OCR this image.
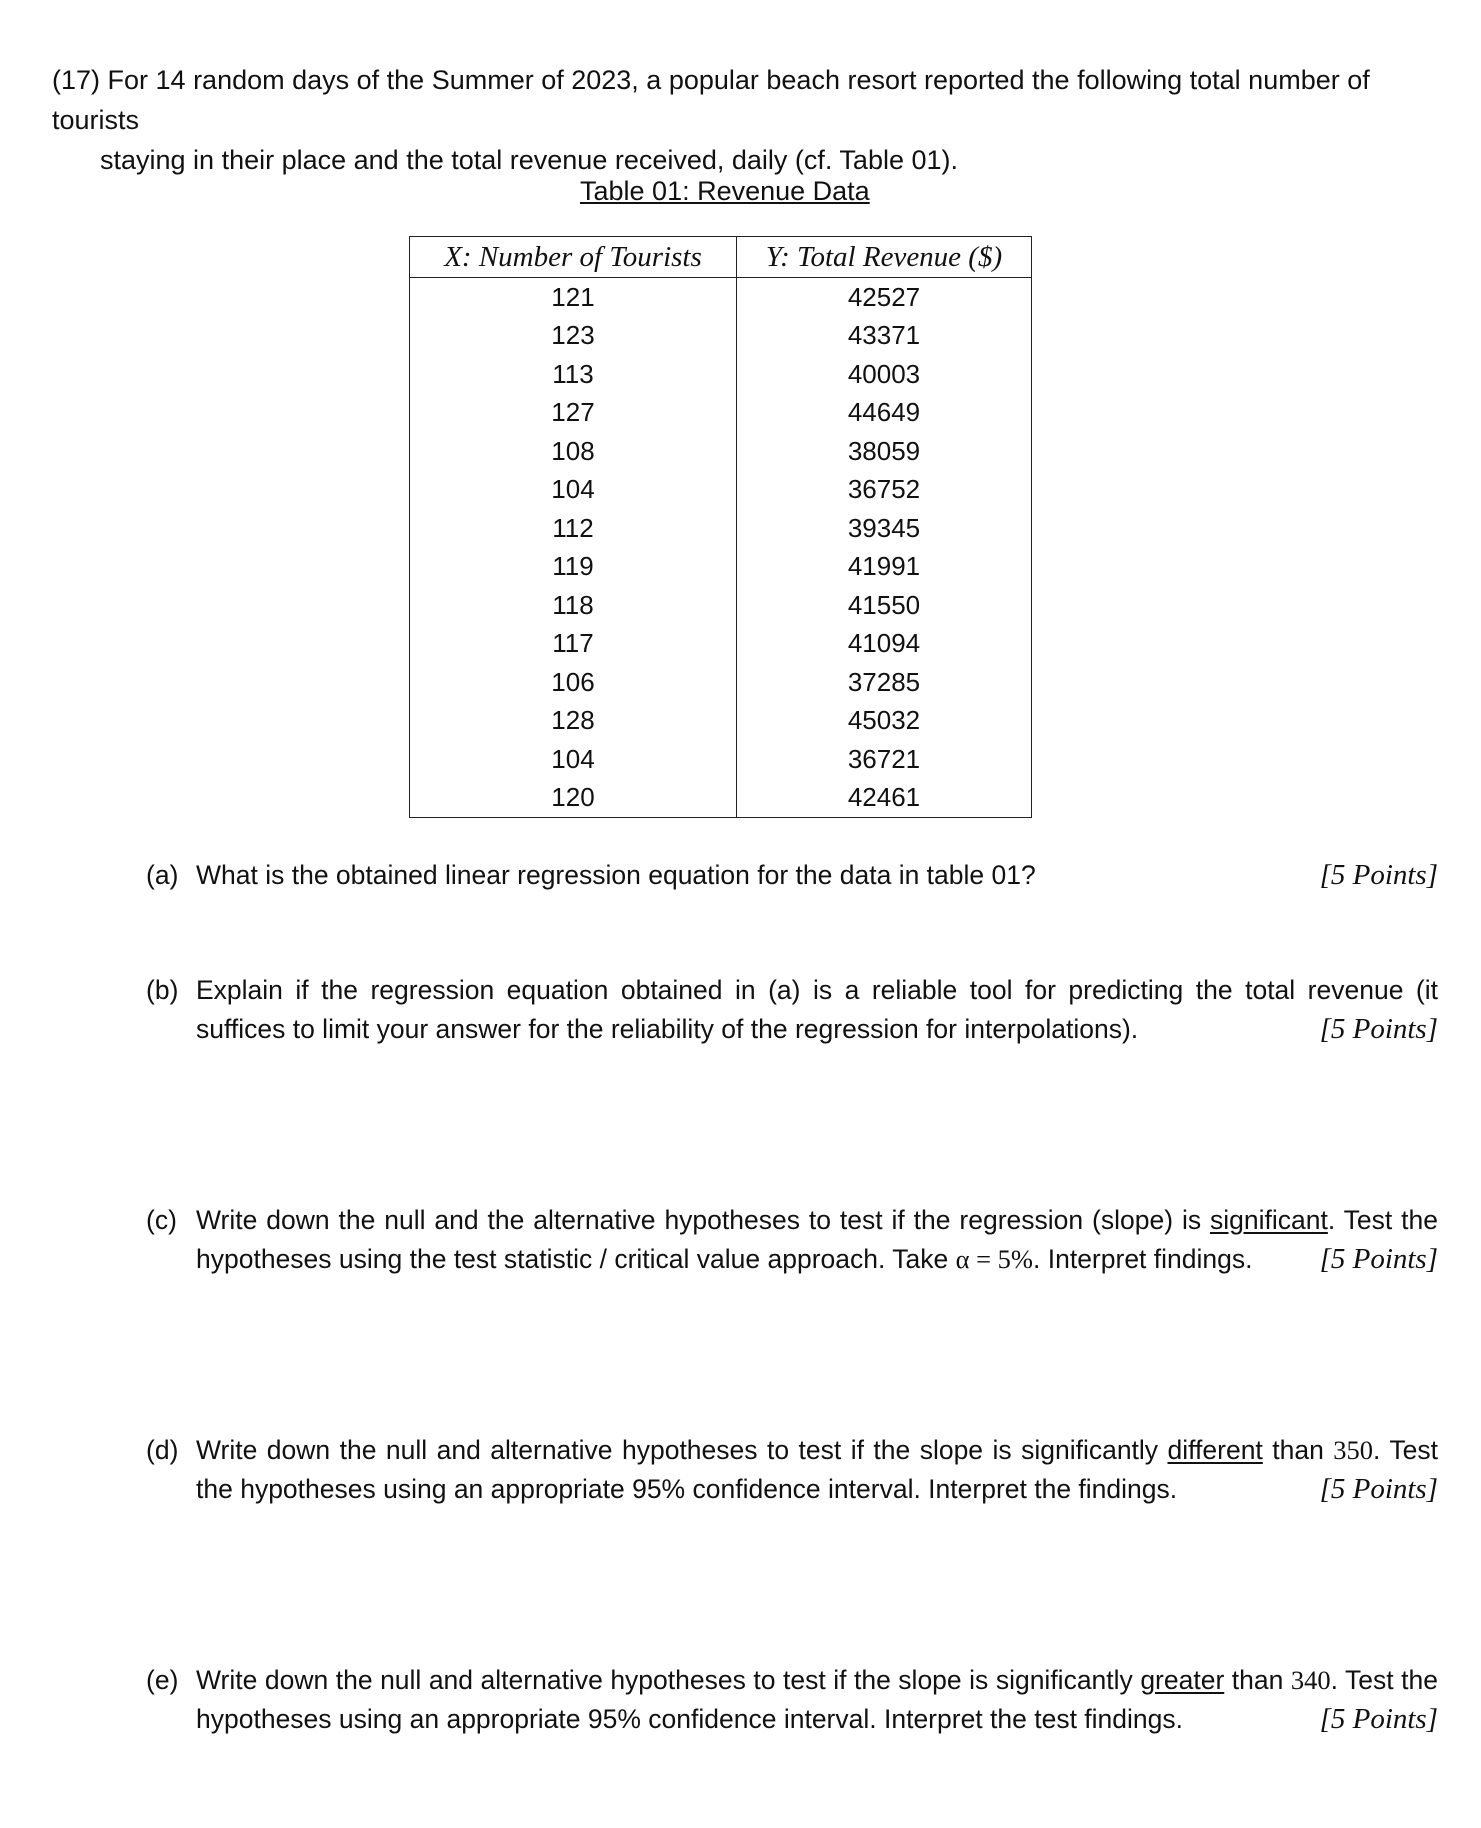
(17) For 14 random days of the Summer of 2023, a popular beach resort reported the following total number of tourists
staying in their place and the total revenue received, daily (cf. Table 01).
Table 01: Revenue Data
X: Number of Tourists	Y: Total Revenue ($)
121	42527
123	43371
113	40003
127	44649
108	38059
104	36752
112	39345
119	41991
118	41550
117	41094
106	37285
128	45032
104	36721
120	42461
(a) What is the obtained linear regression equation for the data in table 01?	[5 Points]
(b) Explain if the regression equation obtained in (a) is a reliable tool for predicting the total revenue (it suffices to limit your answer for the reliability of the regression for interpolations).	[5 Points]
(c) Write down the null and the alternative hypotheses to test if the regression (slope) is significant. Test the hypotheses using the test statistic / critical value approach. Take α = 5%. Interpret findings. [5 Points]
(d) Write down the null and alternative hypotheses to test if the slope is significantly different than 350. Test the hypotheses using an appropriate 95% confidence interval. Interpret the findings.	[5 Points]
(e) Write down the null and alternative hypotheses to test if the slope is significantly greater than 340. Test the hypotheses using an appropriate 95% confidence interval. Interpret the test findings.	[5 Points]
